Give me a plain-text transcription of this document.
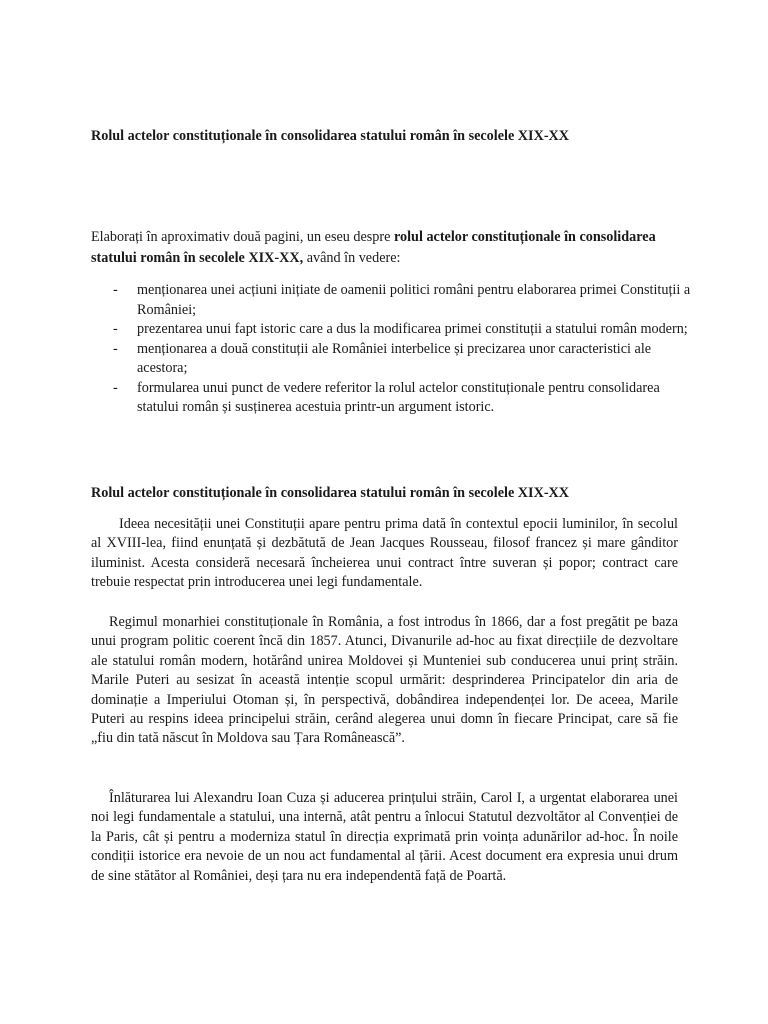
Rolul actelor constituționale în consolidarea statului român în secolele XIX-XX
Elaborați în aproximativ două pagini, un eseu despre rolul actelor constituționale în consolidarea statului român în secolele XIX-XX, având în vedere:
- menționarea unei acțiuni inițiate de oamenii politici români pentru elaborarea primei Constituții a României;
- prezentarea unui fapt istoric care a dus la modificarea primei constituții a statului român modern;
- menționarea a două constituții ale României interbelice și precizarea unor caracteristici ale acestora;
- formularea unui punct de vedere referitor la rolul actelor constituționale pentru consolidarea statului român și susținerea acestuia printr-un argument istoric.
Rolul actelor constituționale în consolidarea statului român în secolele XIX-XX

Ideea necesității unei Constituții apare pentru prima dată în contextul epocii luminilor, în secolul al XVIII-lea, fiind enunțată și dezbătută de Jean Jacques Rousseau, filosof francez și mare gânditor iluminist. Acesta consideră necesară încheierea unui contract între suveran și popor; contract care trebuie respectat prin introducerea unei legi fundamentale.

Regimul monarhiei constituționale în România, a fost introdus în 1866, dar a fost pregătit pe baza unui program politic coerent încă din 1857. Atunci, Divanurile ad-hoc au fixat direcțiile de dezvoltare ale statului român modern, hotărând unirea Moldovei și Munteniei sub conducerea unui prinț străin. Marile Puteri au sesizat în această intenție scopul urmărit: desprinderea Principatelor din aria de dominație a Imperiului Otoman și, în perspectivă, dobândirea independenței lor. De aceea, Marile Puteri au respins ideea principelui străin, cerând alegerea unui domn în fiecare Principat, care să fie „fiu din tată născut în Moldova sau Țara Românească”.

Înlăturarea lui Alexandru Ioan Cuza și aducerea prințului străin, Carol I, a urgentat elaborarea unei noi legi fundamentale a statului, una internă, atât pentru a înlocui Statutul dezvoltător al Convenției de la Paris, cât și pentru a moderniza statul în direcția exprimată prin voința adunărilor ad-hoc. În noile condiții istorice era nevoie de un nou act fundamental al țării. Acest document era expresia unui drum de sine stătător al României, deși țara nu era independentă față de Poartă.
